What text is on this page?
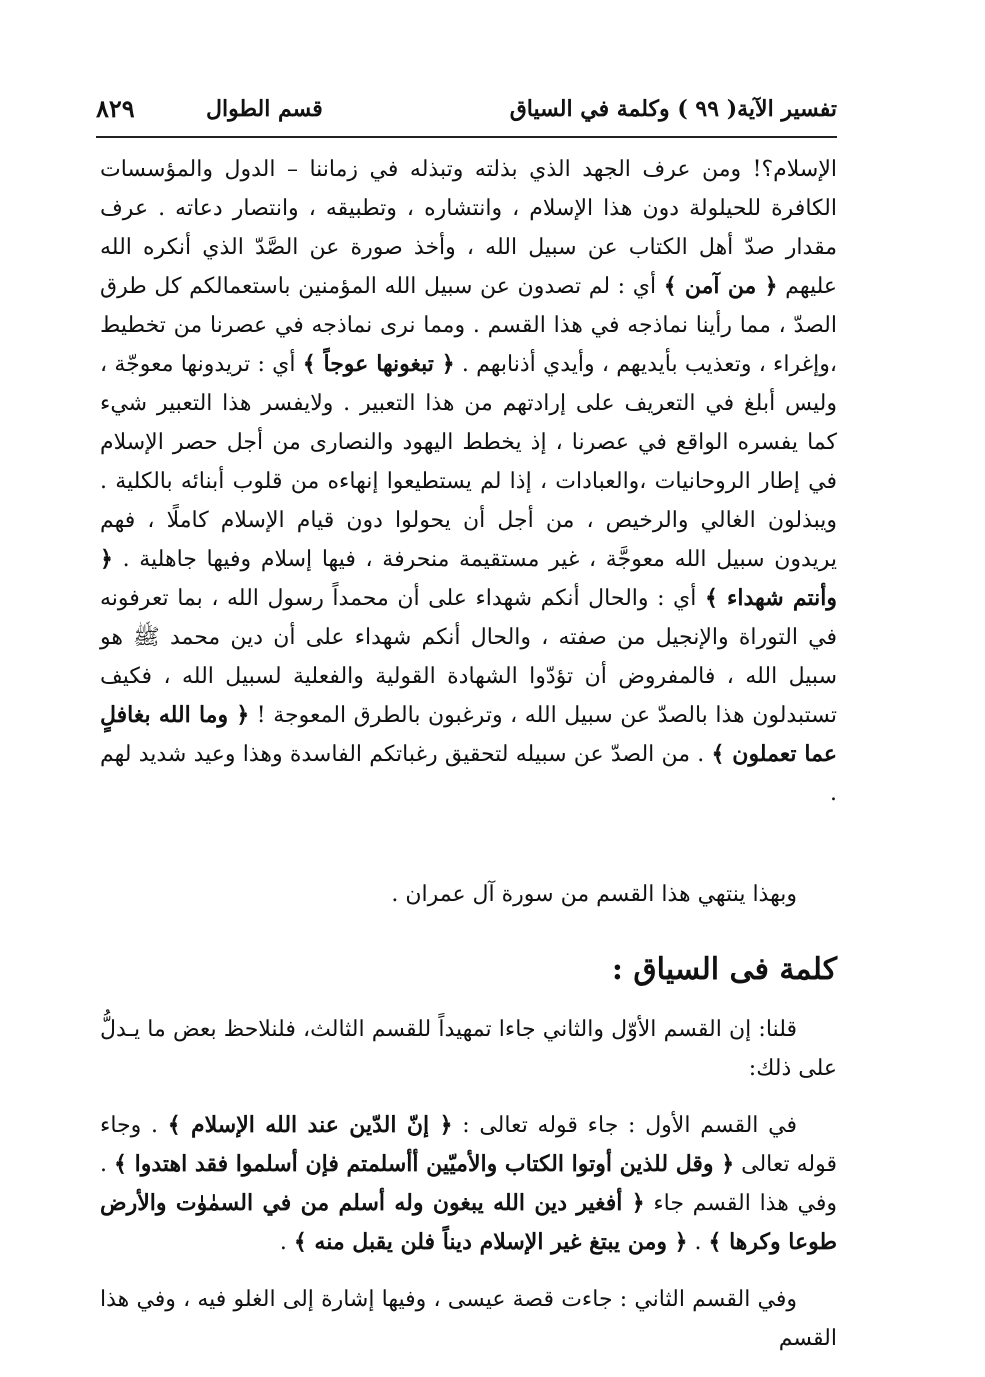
تفسير الآية( ٩٩ ) وكلمة في السياق
قسم الطوال
٨٢٩

الإسلام؟! ومن عرف الجهد الذي بذلته وتبذله في زماننا – الدول والمؤسسات الكافرة للحيلولة دون هذا الإسلام ، وانتشاره ، وتطبيقه ، وانتصار دعاته . عرف مقدار صدّ أهل الكتاب عن سبيل الله ، وأخذ صورة عن الصَّدّ الذي أنكره الله عليهم ﴿ من آمن ﴾ أي : لم تصدون عن سبيل الله المؤمنين باستعمالكم كل طرق الصدّ ، مما رأينا نماذجه في هذا القسم . ومما نرى نماذجه في عصرنا من تخطيط ،وإغراء ، وتعذيب بأيديهم ، وأيدي أذنابهم . ﴿ تبغونها عوجاً ﴾ أي : تريدونها معوجّة ، وليس أبلغ في التعريف على إرادتهم من هذا التعبير . ولايفسر هذا التعبير شيء كما يفسره الواقع في عصرنا ، إذ يخطط اليهود والنصارى من أجل حصر الإسلام في إطار الروحانيات ،والعبادات ، إذا لم يستطيعوا إنهاءه من قلوب أبنائه بالكلية . ويبذلون الغالي والرخيص ، من أجل أن يحولوا دون قيام الإسلام كاملًا ، فهم يريدون سبيل الله معوجَّة ، غير مستقيمة منحرفة ، فيها إسلام وفيها جاهلية . ﴿ وأنتم شهداء ﴾ أي : والحال أنكم شهداء على أن محمداً رسول الله ، بما تعرفونه في التوراة والإنجيل من صفته ، والحال أنكم شهداء على أن دين محمد ﷺ هو سبيل الله ، فالمفروض أن تؤدّوا الشهادة القولية والفعلية لسبيل الله ، فكيف تستبدلون هذا بالصدّ عن سبيل الله ، وترغبون بالطرق المعوجة ! ﴿ وما الله بغافلٍ عما تعملون ﴾ . من الصدّ عن سبيله لتحقيق رغباتكم الفاسدة وهذا وعيد شديد لهم .

وبهذا ينتهي هذا القسم من سورة آل عمران .

كلمة فى السياق :

قلنا: إن القسم الأوّل والثاني جاءا تمهيداً للقسم الثالث، فلنلاحظ بعض ما يـدلُّ على ذلك:

في القسم الأول : جاء قوله تعالى : ﴿ إنّ الدّين عند الله الإسلام ﴾ . وجاء قوله تعالى ﴿ وقل للذين أوتوا الكتاب والأميّين أأسلمتم فإن أسلموا فقد اهتدوا ﴾ . وفي هذا القسم جاء ﴿ أفغير دين الله يبغون وله أسلم من في السمٰوٰت والأرض طوعا وكرها ﴾ . ﴿ ومن يبتغ غير الإسلام ديناً فلن يقبل منه ﴾ .

وفي القسم الثاني : جاءت قصة عيسى ، وفيها إشارة إلى الغلو فيه ، وفي هذا القسم
